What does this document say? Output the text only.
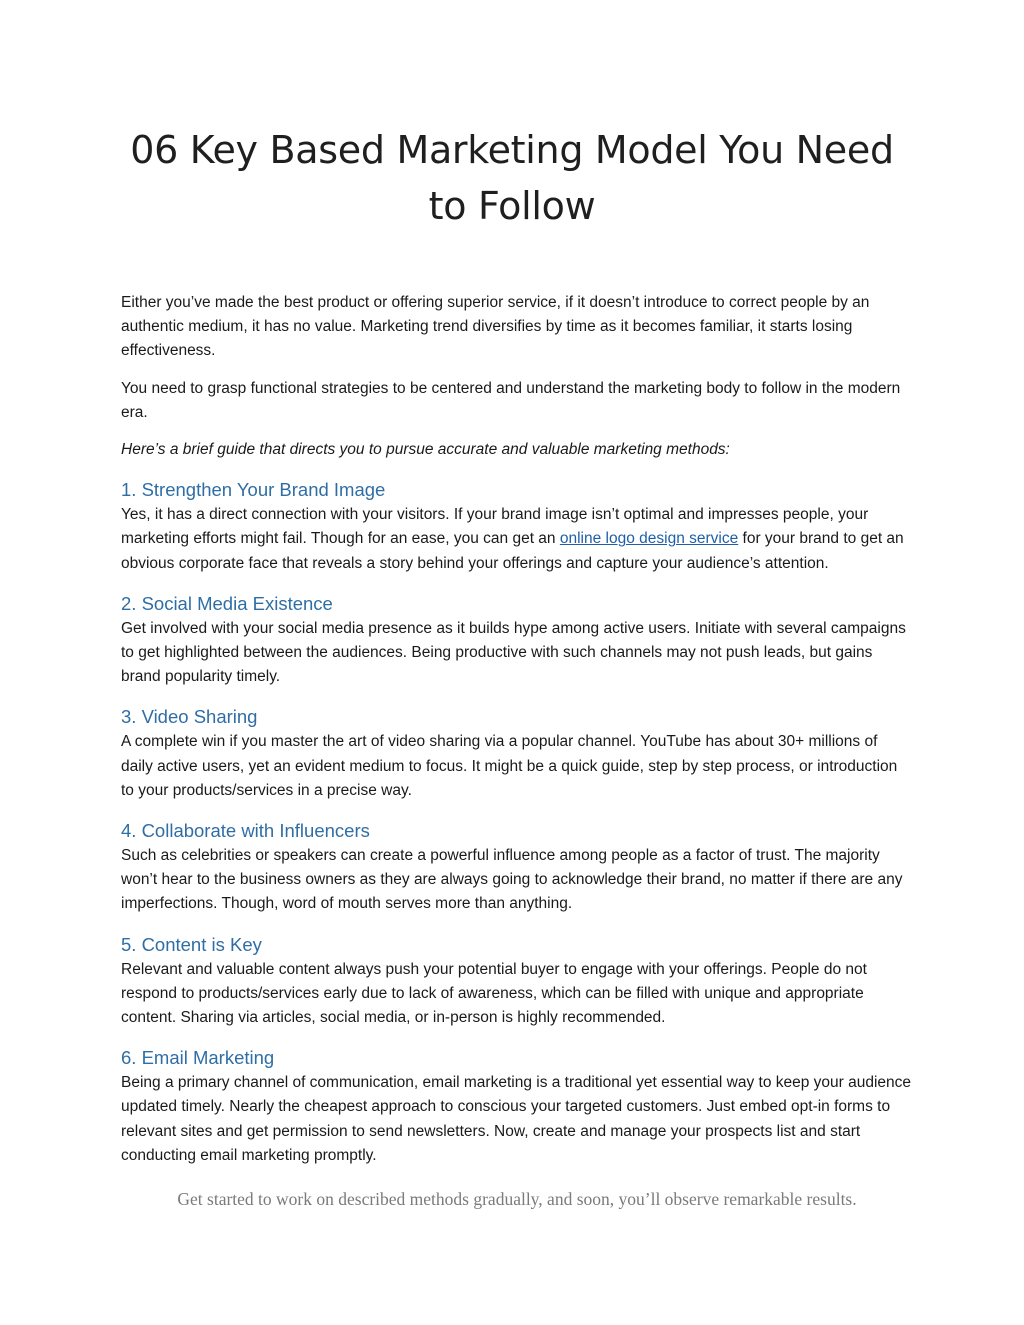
06 Key Based Marketing Model You Need
to Follow

Either you’ve made the best product or offering superior service, if it doesn’t introduce to correct people by an authentic medium, it has no value. Marketing trend diversifies by time as it becomes familiar, it starts losing effectiveness.

You need to grasp functional strategies to be centered and understand the marketing body to follow in the modern era.

Here’s a brief guide that directs you to pursue accurate and valuable marketing methods:

1. Strengthen Your Brand Image

Yes, it has a direct connection with your visitors. If your brand image isn’t optimal and impresses people, your marketing efforts might fail. Though for an ease, you can get an online logo design service for your brand to get an obvious corporate face that reveals a story behind your offerings and capture your audience’s attention.

2. Social Media Existence

Get involved with your social media presence as it builds hype among active users. Initiate with several campaigns to get highlighted between the audiences. Being productive with such channels may not push leads, but gains brand popularity timely.

3. Video Sharing

A complete win if you master the art of video sharing via a popular channel. YouTube has about 30+ millions of daily active users, yet an evident medium to focus. It might be a quick guide, step by step process, or introduction to your products/services in a precise way.

4. Collaborate with Influencers

Such as celebrities or speakers can create a powerful influence among people as a factor of trust. The majority won’t hear to the business owners as they are always going to acknowledge their brand, no matter if there are any imperfections. Though, word of mouth serves more than anything.

5. Content is Key

Relevant and valuable content always push your potential buyer to engage with your offerings. People do not respond to products/services early due to lack of awareness, which can be filled with unique and appropriate content. Sharing via articles, social media, or in-person is highly recommended.

6. Email Marketing

Being a primary channel of communication, email marketing is a traditional yet essential way to keep your audience updated timely. Nearly the cheapest approach to conscious your targeted customers. Just embed opt-in forms to relevant sites and get permission to send newsletters. Now, create and manage your prospects list and start conducting email marketing promptly.

Get started to work on described methods gradually, and soon, you’ll observe remarkable results.
